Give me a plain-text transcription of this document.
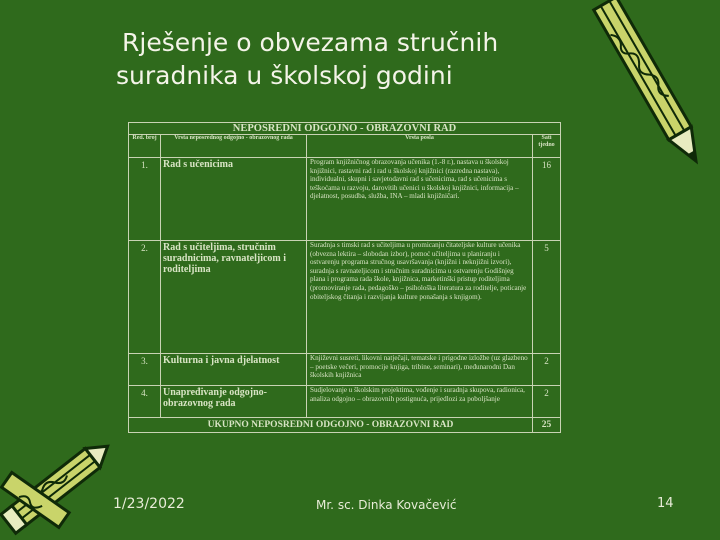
Rješenje o obvezama stručnih
suradnika u školskoj godini
NEPOSREDNI ODGOJNO - OBRAZOVNI RAD			
Red. broj	Vrsta neposrednog odgojno - obrazovnog rada	Vrsta posla	Sati tjedno
1.	Rad s učenicima	Program knjižničnog obrazovanja učenika (1.-8 r.), nastava u školskoj knjižnici, rastavni rad i rad u školskoj knjižnici (razredna nastava), individualni, skupni i savjetodavni rad s učenicima, rad s učenicima s teškoćama u razvoju, darovitih učenici u školskoj knjižnici, informacija – djelatnost, posudba, služba, INA – mladi knjižničari.	16
2.	Rad s učiteljima, stručnim suradnicima, ravnateljicom i roditeljima	Suradnja s timski rad s učiteljima u promicanju čitateljske kulture učenika (obvezna lektira – slobodan izbor), pomoć učiteljima u planiranju i ostvarenju programa stručnog usavršavanja (knjižni i neknjižni izvori), suradnja s ravnateljicom i stručnim suradnicima u ostvarenju Godišnjeg plana i programa rada škole, knjižnica, marketinški pristup roditeljima (promoviranje rada, pedagoško – psihološka literatura za roditelje, poticanje obiteljskog čitanja i razvijanja kulture ponašanja s knjigom).	5
3.	Kulturna i javna djelatnost	Književni susreti, likovni natječaji, tematske i prigodne izložbe (uz glazbeno – poetske večeri, promocije knjiga, tribine, seminari), međunarodni Dan školskih knjižnica	2
4.	Unapređivanje odgojno-obrazovnog rada	Sudjelovanje u školskim projektima, vođenje i suradnja skupova, radionica, analiza odgojno – obrazovnih postignuća, prijedlozi za poboljšanje	2
UKUPNO NEPOSREDNI ODGOJNO - OBRAZOVNI RAD			25
1/23/2022	Mr. sc. Dinka Kovačević	14
